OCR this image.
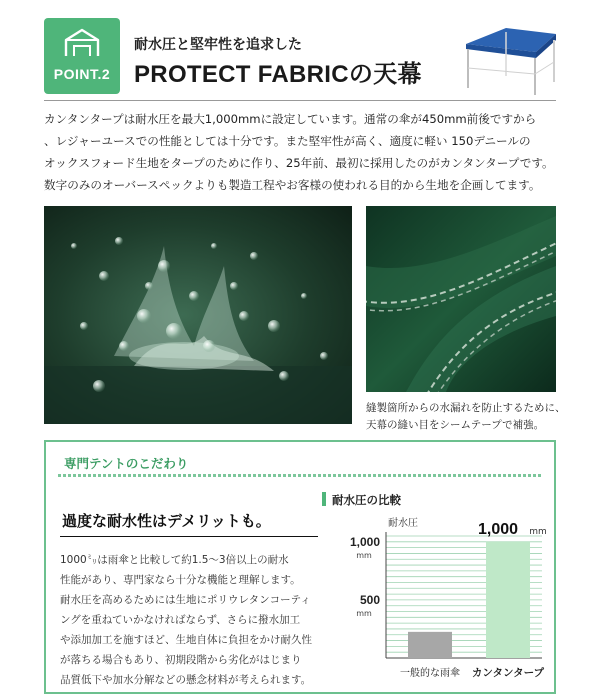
POINT.2
耐水圧と堅牢性を追求した
PROTECT FABRICの天幕

カンタンタープは耐水圧を最大1,000mmに設定しています。通常の傘が450mm前後ですから

、レジャーユースでの性能としては十分です。また堅牢性が高く、適度に軽い 150デニールの

オックスフォード生地をタープのために作り、25年前、最初に採用したのがカンタンタープです。

数字のみのオーバースペックよりも製造工程やお客様の使われる目的から生地を企画してます。

縫製箇所からの水漏れを防止するために、

天幕の縫い目をシームテープで補強。

専門テントのこだわり
過度な耐水性はデメリットも。

1000㍉は雨傘と比較して約1.5〜3倍以上の耐水

性能があり、専門家なら十分な機能と理解します。

耐水圧を高めるためには生地にポリウレタンコーティ

ングを重ねていかなければならず、さらに撥水加工

や添加加工を施すほど、生地自体に負担をかけ耐久性

が落ちる場合もあり、初期段階から劣化がはじまり

品質低下や加水分解などの懸念材料が考えられます。

耐水圧の比較
耐水圧
1,000
mm
500
mm
一般的な雨傘 カンタンタープ
1,000 mm
